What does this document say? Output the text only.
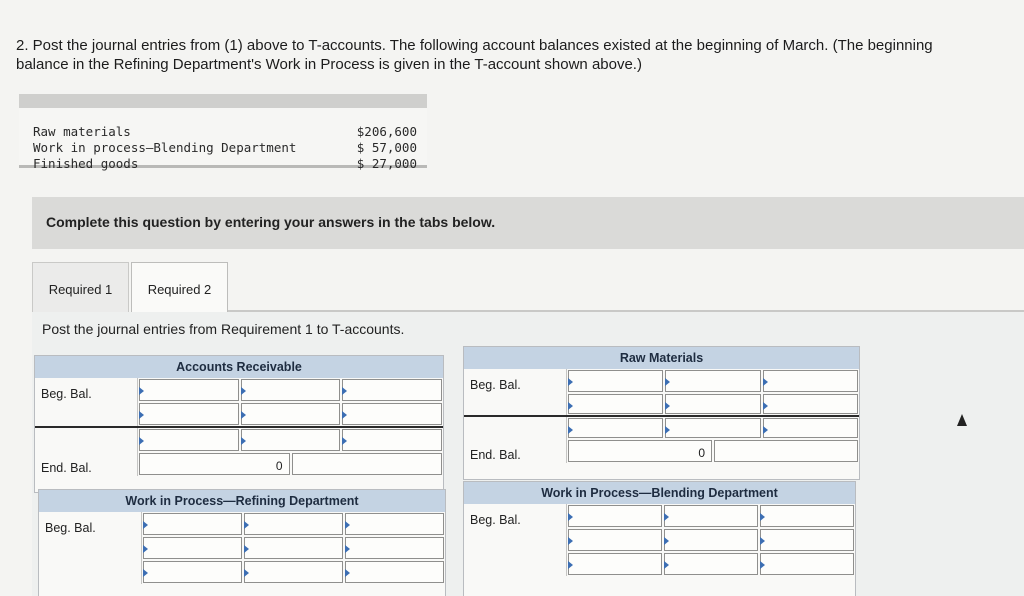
2. Post the journal entries from (1) above to T-accounts. The following account balances existed at the beginning of March. (The beginning balance in the Refining Department's Work in Process is given in the T-account shown above.)
Raw materials	$206,600
Work in process–Blending Department	$ 57,000
Finished goods	$ 27,000
Complete this question by entering your answers in the tabs below.
Required 1	Required 2
Post the journal entries from Requirement 1 to T-accounts.
Accounts Receivable
Beg. Bal.
End. Bal.	0
Raw Materials
Beg. Bal.
End. Bal.	0
Work in Process—Refining Department
Beg. Bal.
Work in Process—Blending Department
Beg. Bal.
